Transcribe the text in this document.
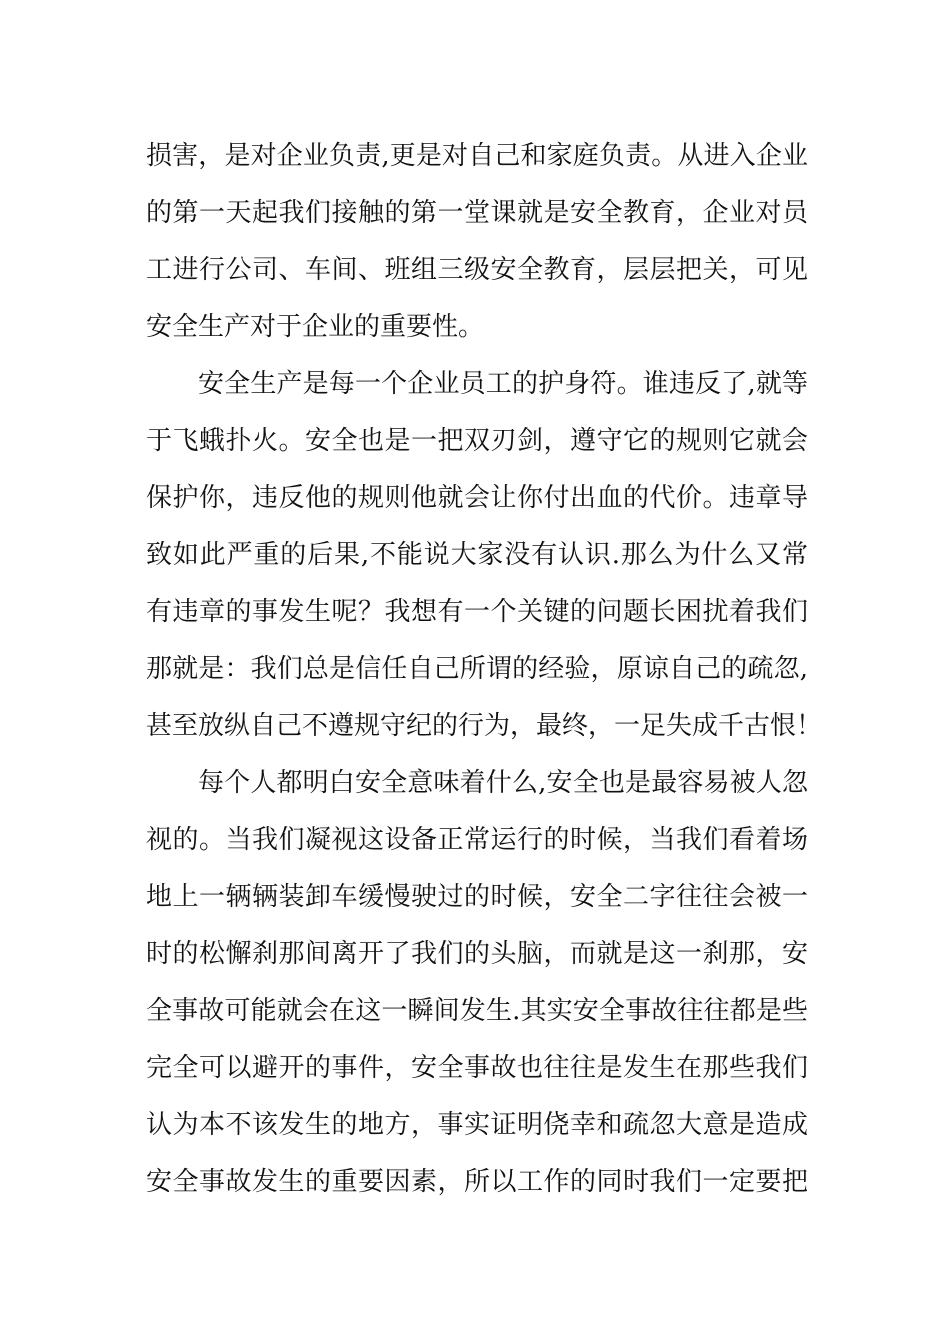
损害，是对企业负责,更是对自己和家庭负责。从进入企业
的第一天起我们接触的第一堂课就是安全教育，企业对员
工进行公司、车间、班组三级安全教育，层层把关，可见
安全生产对于企业的重要性。
安全生产是每一个企业员工的护身符。谁违反了,就等
于飞蛾扑火。安全也是一把双刃剑，遵守它的规则它就会
保护你，违反他的规则他就会让你付出血的代价。违章导
致如此严重的后果,不能说大家没有认识.那么为什么又常
有违章的事发生呢？我想有一个关键的问题长困扰着我们
那就是：我们总是信任自己所谓的经验，原谅自己的疏忽,
甚至放纵自己不遵规守纪的行为，最终，一足失成千古恨！
每个人都明白安全意味着什么,安全也是最容易被人忽
视的。当我们凝视这设备正常运行的时候，当我们看着场
地上一辆辆装卸车缓慢驶过的时候，安全二字往往会被一
时的松懈刹那间离开了我们的头脑，而就是这一刹那，安
全事故可能就会在这一瞬间发生.其实安全事故往往都是些
完全可以避开的事件，安全事故也往往是发生在那些我们
认为本不该发生的地方，事实证明侥幸和疏忽大意是造成
安全事故发生的重要因素，所以工作的同时我们一定要把
